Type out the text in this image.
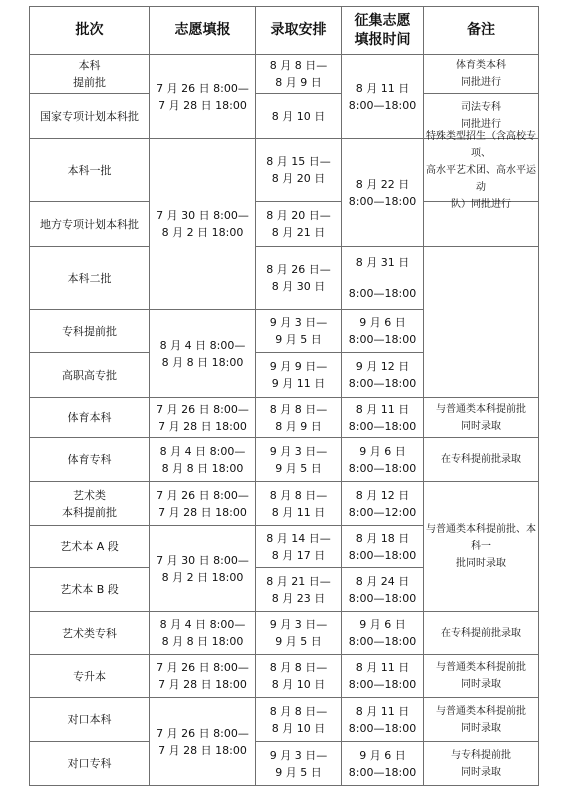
批次	志愿填报	录取安排
征集志愿
填报时间
备注
本科
提前批
国家专项计划本科批
本科一批
地方专项计划本科批
本科二批
专科提前批
高职高专批
体育本科
体育专科
艺术类
本科提前批
艺术本 A 段
艺术本 B 段
艺术类专科
专升本
对口本科
对口专科
7 月 26 日 8:00—
7 月 28 日 18:00
7 月 30 日 8:00—
8 月 2 日 18:00
8 月 4 日 8:00—
8 月 8 日 18:00
7 月 26 日 8:00—
7 月 28 日 18:00
8 月 4 日 8:00—
8 月 8 日 18:00
7 月 26 日 8:00—
7 月 28 日 18:00
7 月 30 日 8:00—
8 月 2 日 18:00
8 月 4 日 8:00—
8 月 8 日 18:00
7 月 26 日 8:00—
7 月 28 日 18:00
7 月 26 日 8:00—
7 月 28 日 18:00
8 月 8 日—
8 月 9 日
8 月 10 日
8 月 15 日—
8 月 20 日
8 月 20 日—
8 月 21 日
8 月 26 日—
8 月 30 日
9 月 3 日—
9 月 5 日
9 月 9 日—
9 月 11 日
8 月 8 日—
8 月 9 日
9 月 3 日—
9 月 5 日
8 月 8 日—
8 月 11 日
8 月 14 日—
8 月 17 日
8 月 21 日—
8 月 23 日
9 月 3 日—
9 月 5 日
8 月 8 日—
8 月 10 日
8 月 8 日—
8 月 10 日
9 月 3 日—
9 月 5 日
8 月 11 日
8:00—18:00
8 月 22 日
8:00—18:00
8 月 31 日
8:00—18:00
9 月 6 日
8:00—18:00
9 月 12 日
8:00—18:00
8 月 11 日
8:00—18:00
9 月 6 日
8:00—18:00
8 月 12 日
8:00—12:00
8 月 18 日
8:00—18:00
8 月 24 日
8:00—18:00
9 月 6 日
8:00—18:00
8 月 11 日
8:00—18:00
8 月 11 日
8:00—18:00
9 月 6 日
8:00—18:00
体育类本科
同批进行
司法专科
同批进行
特殊类型招生（含高校专项、
高水平艺术团、高水平运动
队）同批进行
与普通类本科提前批
同时录取
在专科提前批录取
与普通类本科提前批、本科一
批同时录取
在专科提前批录取
与普通类本科提前批
同时录取
与普通类本科提前批
同时录取
与专科提前批
同时录取
